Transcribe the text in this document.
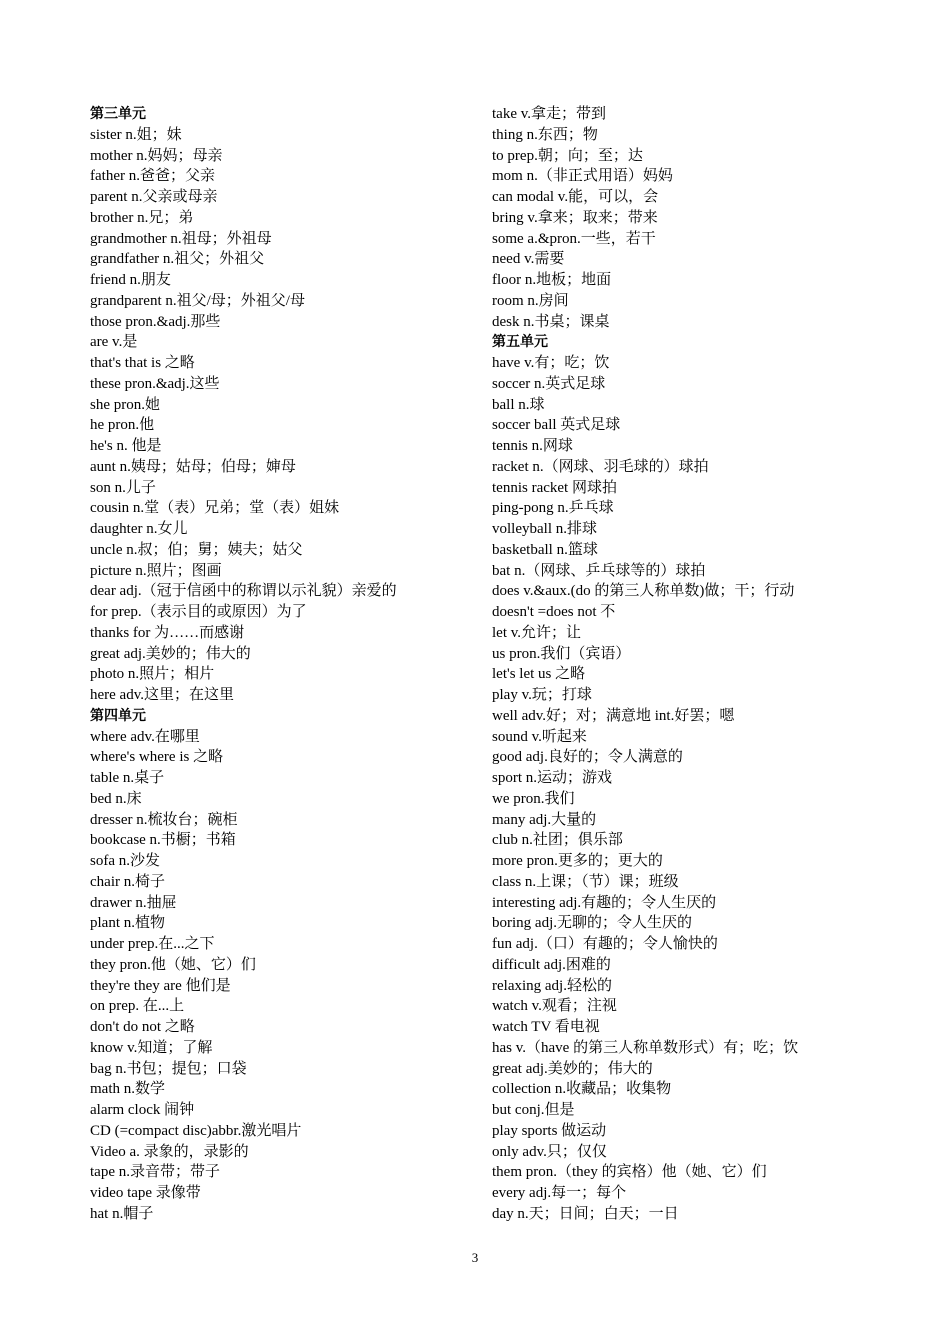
第三单元
sister n.姐；妹
mother n.妈妈；母亲
father n.爸爸；父亲
parent n.父亲或母亲
brother n.兄；弟
grandmother n.祖母；外祖母
grandfather n.祖父；外祖父
friend n.朋友
grandparent n.祖父/母；外祖父/母
those pron.&adj.那些
are v.是
that's that is 之略
these pron.&adj.这些
she pron.她
he pron.他
he's n. 他是
aunt n.姨母；姑母；伯母；婶母
son n.儿子
cousin n.堂（表）兄弟；堂（表）姐妹
daughter n.女儿
uncle n.叔；伯；舅；姨夫；姑父
picture n.照片；图画
dear adj.（冠于信函中的称谓以示礼貌）亲爱的
for prep.（表示目的或原因）为了
thanks for 为……而感谢
great adj.美妙的；伟大的
photo n.照片；相片
here adv.这里；在这里
第四单元
where adv.在哪里
where's where is 之略
table n.桌子
bed n.床
dresser n.梳妆台；碗柜
bookcase n.书橱；书箱
sofa n.沙发
chair n.椅子
drawer n.抽屉
plant n.植物
under prep.在...之下
they pron.他（她、它）们
they're they are 他们是
on prep. 在...上
don't do not 之略
know v.知道；了解
bag n.书包；提包；口袋
math n.数学
alarm clock 闹钟
CD (=compact disc)abbr.激光唱片
Video a. 录象的，录影的
tape n.录音带；带子
video tape 录像带
hat n.帽子
take v.拿走；带到
thing n.东西；物
to prep.朝；向；至；达
mom n.（非正式用语）妈妈
can modal v.能，可以，会
bring v.拿来；取来；带来
some a.&pron.一些，若干
need v.需要
floor n.地板；地面
room n.房间
desk n.书桌；课桌
第五单元
have v.有；吃；饮
soccer n.英式足球
ball n.球
soccer ball 英式足球
tennis n.网球
racket n.（网球、羽毛球的）球拍
tennis racket 网球拍
ping-pong n.乒乓球
volleyball n.排球
basketball n.篮球
bat n.（网球、乒乓球等的）球拍
does v.&aux.(do 的第三人称单数)做；干；行动
doesn't =does not 不
let v.允许；让
us pron.我们（宾语）
let's let us 之略
play v.玩；打球
well adv.好；对；满意地 int.好罢；嗯
sound v.听起来
good adj.良好的；令人满意的
sport n.运动；游戏
we pron.我们
many adj.大量的
club n.社团；俱乐部
more pron.更多的；更大的
class n.上课；（节）课；班级
interesting adj.有趣的；令人生厌的
boring adj.无聊的；令人生厌的
fun adj.（口）有趣的；令人愉快的
difficult adj.困难的
relaxing adj.轻松的
watch v.观看；注视
watch TV 看电视
has v.（have 的第三人称单数形式）有；吃；饮
great adj.美妙的；伟大的
collection n.收藏品；收集物
but conj.但是
play sports 做运动
only adv.只；仅仅
them pron.（they 的宾格）他（她、它）们
every adj.每一；每个
day n.天；日间；白天；一日
3
